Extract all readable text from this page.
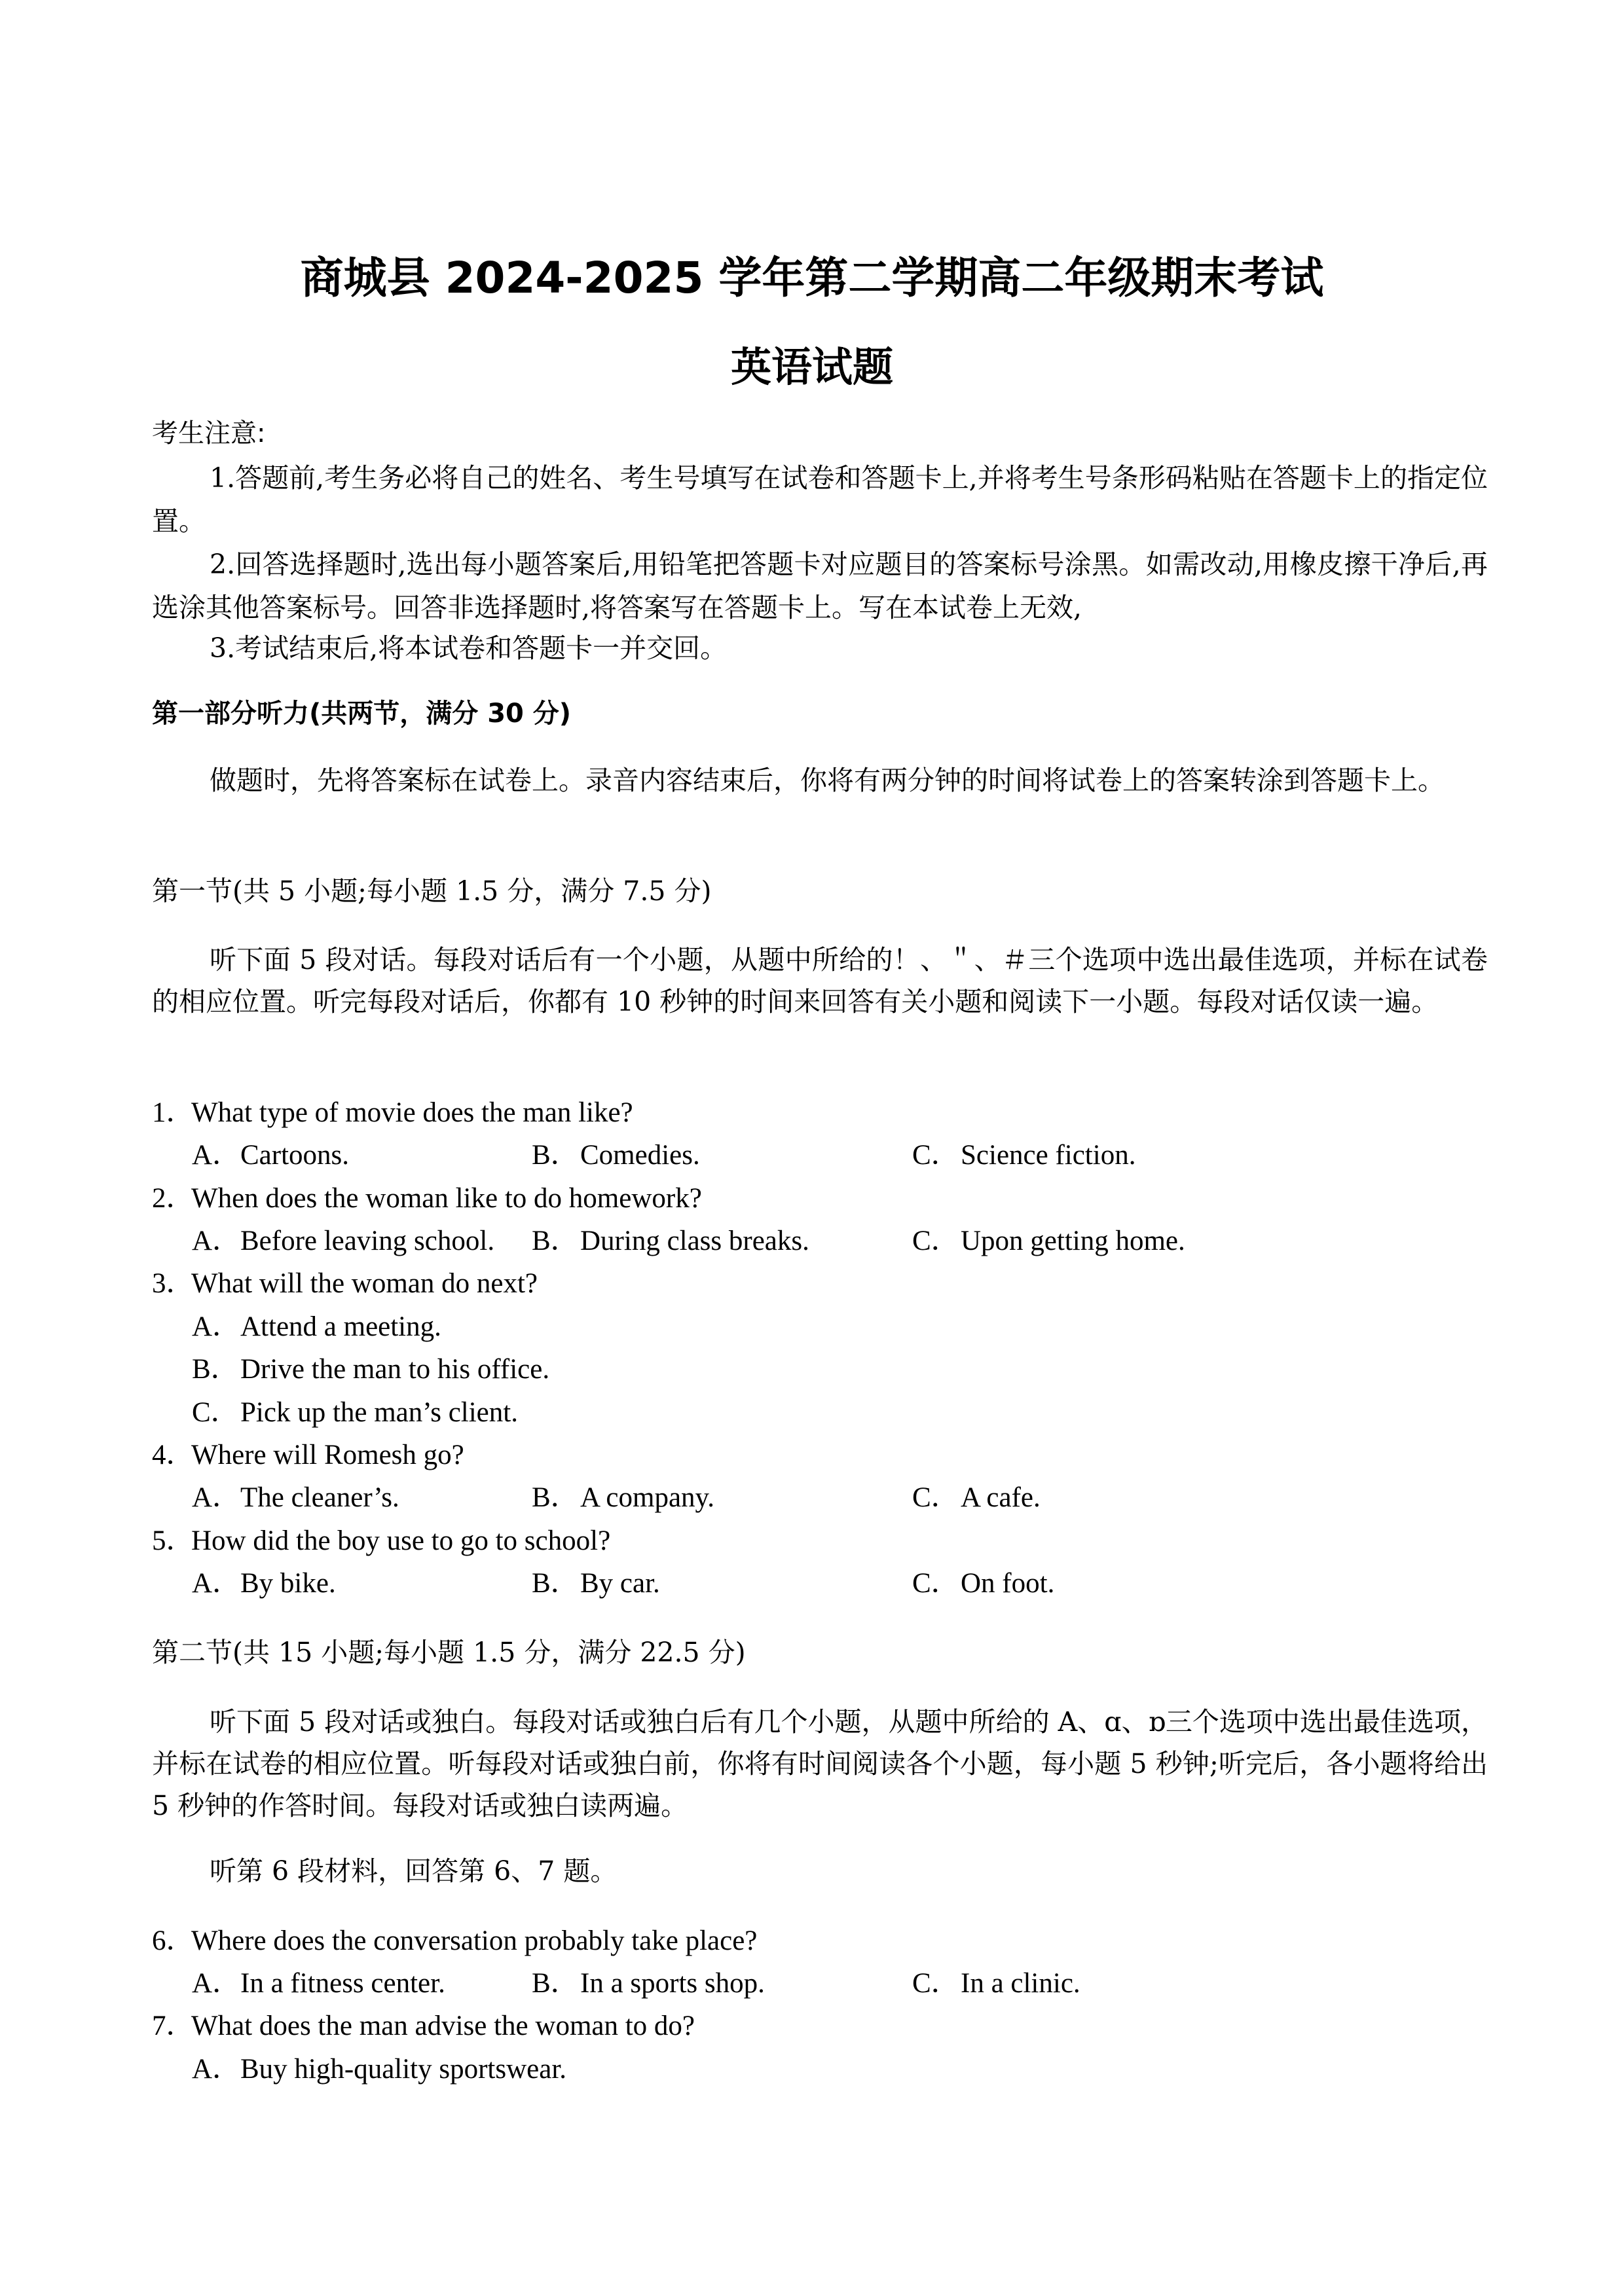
商城县 2024-2025 学年第二学期高二年级期末考试
英语试题
考生注意:

1.答题前,考生务必将自己的姓名、考生号填写在试卷和答题卡上,并将考生号条形码粘贴在答题卡上的指定位置。

2.回答选择题时,选出每小题答案后,用铅笔把答题卡对应题目的答案标号涂黑。如需改动,用橡皮擦干净后,再选涂其他答案标号。回答非选择题时,将答案写在答题卡上。写在本试卷上无效,

3.考试结束后,将本试卷和答题卡一并交回。

第一部分听力(共两节，满分 30 分)

做题时，先将答案标在试卷上。录音内容结束后，你将有两分钟的时间将试卷上的答案转涂到答题卡上。

第一节(共 5 小题;每小题 1.5 分，满分 7.5 分)

听下面 5 段对话。每段对话后有一个小题，从题中所给的！、＂、＃三个选项中选出最佳选项，并标在试卷的相应位置。听完每段对话后，你都有 10 秒钟的时间来回答有关小题和阅读下一小题。每段对话仅读一遍。

1．What type of movie does the man like?
A．Cartoons.	B．Comedies.	C．Science fiction.
2．When does the woman like to do homework?
A．Before leaving school. B．During class breaks.	C．Upon getting home.
3．What will the woman do next?
A．Attend a meeting.
B．Drive the man to his office.
C．Pick up the man’s client.
4．Where will Romesh go?
A．The cleaner’s.	B．A company.	C．A cafe.
5．How did the boy use to go to school?
A．By bike.	B．By car.	C．On foot.
第二节(共 15 小题;每小题 1.5 分，满分 22.5 分)

听下面 5 段对话或独白。每段对话或独白后有几个小题，从题中所给的 A、ɑ、ɒ三个选项中选出最佳选项，并标在试卷的相应位置。听每段对话或独白前，你将有时间阅读各个小题，每小题 5 秒钟;听完后，各小题将给出 5 秒钟的作答时间。每段对话或独白读两遍。

听第 6 段材料，回答第 6、7 题。
6．Where does the conversation probably take place?
A．In a fitness center.	B．In a sports shop.	C．In a clinic.
7．What does the man advise the woman to do?
A．Buy high-quality sportswear.
